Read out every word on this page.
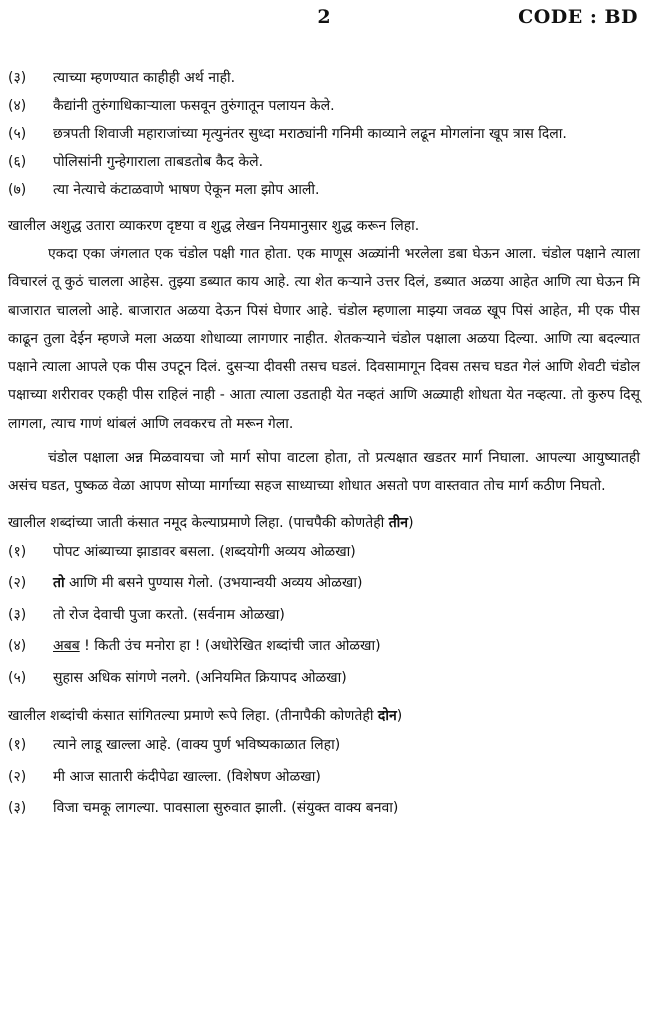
2	CODE : BD

(३) त्याच्या म्हणण्यात काहीही अर्थ नाही.

(४) कैद्यांनी तुरुंगाधिकाऱ्याला फसवून तुरुंगातून पलायन केले.

(५) छत्रपती शिवाजी महाराजांच्या मृत्युनंतर सुध्दा मराठ्यांनी गनिमी काव्याने लढून मोगलांना खूप त्रास दिला.

(६) पोलिसांनी गुन्हेगाराला ताबडतोब कैद केले.

(७) त्या नेत्याचे कंटाळवाणे भाषण ऐकून मला झोप आली.

खालील अशुद्ध उतारा व्याकरण दृष्टया व शुद्ध लेखन नियमानुसार शुद्ध करून लिहा.

एकदा एका जंगलात एक चंडोल पक्षी गात होता. एक माणूस अळ्यांनी भरलेला डबा घेऊन आला. चंडोल पक्षाने त्याला विचारलं तू कुठं चालला आहेस. तुझ्या डब्यात काय आहे. त्या शेत कऱ्याने उत्तर दिलं, डब्यात अळया आहेत आणि त्या घेऊन मि बाजारात चाललो आहे. बाजारात अळया देऊन पिसं घेणार आहे. चंडोल म्हणाला माझ्या जवळ खूप पिसं आहेत, मी एक पीस काढून तुला देईन म्हणजे मला अळया शोधाव्या लागणार नाहीत. शेतकऱ्याने चंडोल पक्षाला अळया दिल्या. आणि त्या बदल्यात पक्षाने त्याला आपले एक पीस उपटून दिलं. दुसऱ्या दीवसी तसच घडलं. दिवसामागून दिवस तसच घडत गेलं आणि शेवटी चंडोल पक्षाच्या शरीरावर एकही पीस राहिलं नाही - आता त्याला उडताही येत नव्हतं आणि अळ्याही शोधता येत नव्हत्या. तो कुरुप दिसू लागला, त्याच गाणं थांबलं आणि लवकरच तो मरून गेला.

चंडोल पक्षाला अन्न मिळवायचा जो मार्ग सोपा वाटला होता, तो प्रत्यक्षात खडतर मार्ग निघाला. आपल्या आयुष्यातही असंच घडत, पुष्कळ वेळा आपण सोप्या मार्गाच्या सहज साध्याच्या शोधात असतो पण वास्तवात तोच मार्ग कठीण निघतो.

खालील शब्दांच्या जाती कंसात नमूद केल्याप्रमाणे लिहा. (पाचपैकी कोणतेही तीन)

(१) पोपट आंब्याच्या झाडावर बसला. (शब्दयोगी अव्यय ओळखा)

(२) तो आणि मी बसने पुण्यास गेलो. (उभयान्वयी अव्यय ओळखा)

(३) तो रोज देवाची पुजा करतो. (सर्वनाम ओळखा)

(४) अबब ! किती उंच मनोरा हा ! (अधोरेखित शब्दांची जात ओळखा)

(५) सुहास अधिक सांगणे नलगे. (अनियमित क्रियापद ओळखा)

खालील शब्दांची कंसात सांगितल्या प्रमाणे रूपे लिहा. (तीनापैकी कोणतेही दोन)

(१) त्याने लाडू खाल्ला आहे. (वाक्य पुर्ण भविष्यकाळात लिहा)

(२) मी आज सातारी कंदीपेढा खाल्ला. (विशेषण ओळखा)

(३) विजा चमकू लागल्या. पावसाला सुरुवात झाली. (संयुक्त वाक्य बनवा)
